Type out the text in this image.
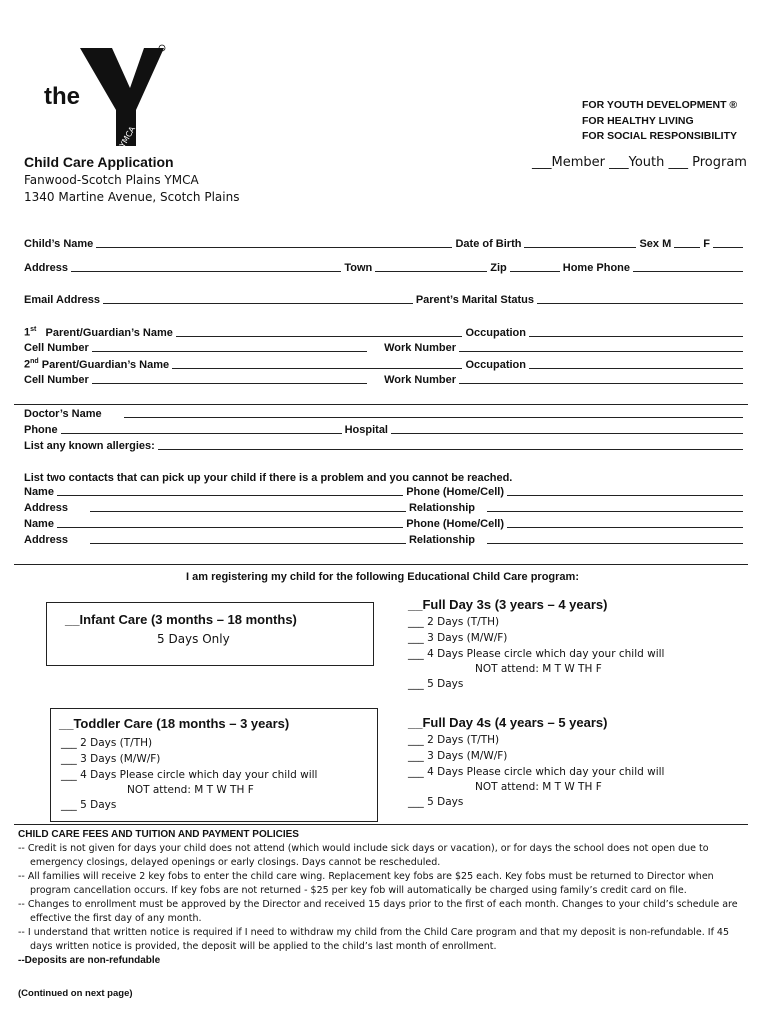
YMCA
the	FOR YOUTH DEVELOPMENT ®
FOR HEALTHY LIVING
FOR SOCIAL RESPONSIBILITY
Child Care Application
Fanwood-Scotch Plains YMCA
1340 Martine Avenue, Scotch Plains
___Member ___Youth ___ Program
Child’s Name	Date of Birth	Sex M	F
Address	Town	Zip	Home Phone
Email Address	Parent’s Marital Status
1st Parent/Guardian’s Name	Occupation
Cell Number	Work Number
2nd Parent/Guardian’s Name	Occupation
Cell Number	Work Number
Doctor’s Name
Phone	Hospital
List any known allergies:
List two contacts that can pick up your child if there is a problem and you cannot be reached.
Name	Phone (Home/Cell)
Address	Relationship
Name	Phone (Home/Cell)
Address	Relationship
I am registering my child for the following Educational Child Care program:
__Infant Care (3 months – 18 months)
5 Days Only
__Full Day 3s (3 years – 4 years)
___ 2 Days (T/TH)
___ 3 Days (M/W/F)
___ 4 Days Please circle which day your child will
NOT attend: M T W TH F
___ 5 Days
__Toddler Care (18 months – 3 years)
___ 2 Days (T/TH)
___ 3 Days (M/W/F)
___ 4 Days Please circle which day your child will
NOT attend: M T W TH F
___ 5 Days
__Full Day 4s (4 years – 5 years)
___ 2 Days (T/TH)
___ 3 Days (M/W/F)
___ 4 Days Please circle which day your child will
NOT attend: M T W TH F
___ 5 Days
CHILD CARE FEES AND TUITION AND PAYMENT POLICIES

-- Credit is not given for days your child does not attend (which would include sick days or vacation), or for days the school does not open due to emergency closings, delayed openings or early closings. Days cannot be rescheduled.

-- All families will receive 2 key fobs to enter the child care wing. Replacement key fobs are $25 each. Key fobs must be returned to Director when program cancellation occurs. If key fobs are not returned - $25 per key fob will automatically be charged using family’s credit card on file.

-- Changes to enrollment must be approved by the Director and received 15 days prior to the first of each month. Changes to your child’s schedule are effective the first day of any month.

-- I understand that written notice is required if I need to withdraw my child from the Child Care program and that my deposit is non-refundable. If 45 days written notice is provided, the deposit will be applied to the child’s last month of enrollment.

--Deposits are non-refundable
(Continued on next page)
